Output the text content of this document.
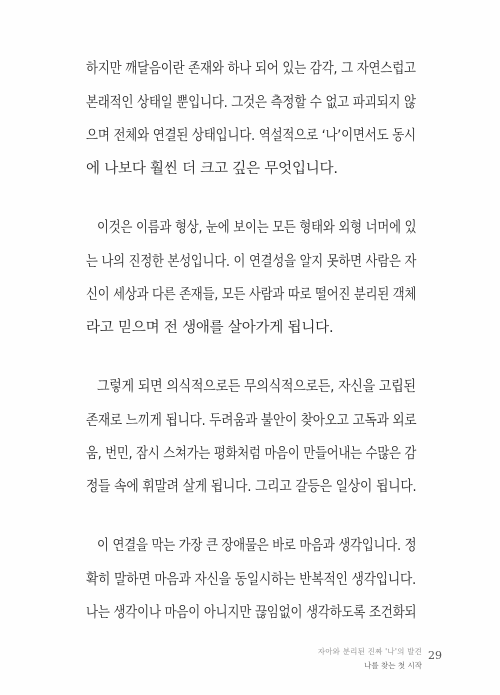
하지만 깨달음이란 존재와 하나 되어 있는 감각, 그 자연스럽고
본래적인 상태일 뿐입니다. 그것은 측정할 수 없고 파괴되지 않
으며 전체와 연결된 상태입니다. 역설적으로 ‘나’이면서도 동시
에 나보다 훨씬 더 크고 깊은 무엇입니다.
이것은 이름과 형상, 눈에 보이는 모든 형태와 외형 너머에 있
는 나의 진정한 본성입니다. 이 연결성을 알지 못하면 사람은 자
신이 세상과 다른 존재들, 모든 사람과 따로 떨어진 분리된 객체
라고 믿으며 전 생애를 살아가게 됩니다.
그렇게 되면 의식적으로든 무의식적으로든, 자신을 고립된
존재로 느끼게 됩니다. 두려움과 불안이 찾아오고 고독과 외로
움, 번민, 잠시 스쳐가는 평화처럼 마음이 만들어내는 수많은 감
정들 속에 휘말려 살게 됩니다. 그리고 갈등은 일상이 됩니다.
이 연결을 막는 가장 큰 장애물은 바로 마음과 생각입니다. 정
확히 말하면 마음과 자신을 동일시하는 반복적인 생각입니다.
나는 생각이나 마음이 아니지만 끊임없이 생각하도록 조건화되
자아와 분리된 진짜 '나'의 발견
나를 찾는 첫 시작
29
